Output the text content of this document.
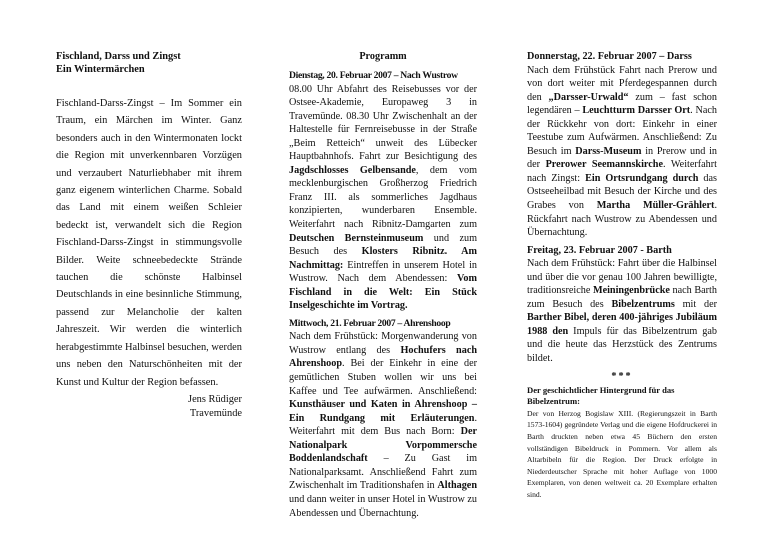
Fischland, Darss und Zingst
Ein Wintermärchen

Fischland-Darss-Zingst – Im Sommer ein Traum, ein Märchen im Winter. Ganz besonders auch in den Wintermonaten lockt die Region mit unverkennbaren Vorzügen und verzaubert Naturliebhaber mit ihrem ganz eigenem winterlichen Charme. Sobald das Land mit einem weißen Schleier bedeckt ist, verwandelt sich die Region Fischland-Darss-Zingst in stimmungsvolle Bilder. Weite schneebedeckte Strände tauchen die schönste Halbinsel Deutschlands in eine besinnliche Stimmung, passend zur Melancholie der kalten Jahreszeit. Wir werden die winterlich herabgestimmte Halbinsel besuchen, werden uns neben den Naturschönheiten mit der Kunst und Kultur der Region befassen.

Jens Rüdiger
Travemünde
Programm
Dienstag, 20. Februar 2007 – Nach Wustrow

08.00 Uhr Abfahrt des Reisebusses vor der Ostsee-Akademie, Europaweg 3 in Travemünde. 08.30 Uhr Zwischenhalt an der Haltestelle für Fernreisebusse in der Straße „Beim Retteich“ unweit des Lübecker Hauptbahnhofs. Fahrt zur Besichtigung des Jagdschlosses Gelbensande, dem vom mecklenburgischen Großherzog Friedrich Franz III. als sommerliches Jagdhaus konzipierten, wunderbaren Ensemble. Weiterfahrt nach Ribnitz-Damgarten zum Deutschen Bernsteinmuseum und zum Besuch des Klosters Ribnitz. Am Nachmittag: Eintreffen in unserem Hotel in Wustrow. Nach dem Abendessen: Vom Fischland in die Welt: Ein Stück Inselgeschichte im Vortrag.

Mittwoch, 21. Februar 2007 – Ahrenshoop

Nach dem Frühstück: Morgenwanderung von Wustrow entlang des Hochufers nach Ahrenshoop. Bei der Einkehr in eine der gemütlichen Stuben wollen wir uns bei Kaffee und Tee aufwärmen. Anschließend: Kunsthäuser und Katen in Ahrenshoop – Ein Rundgang mit Erläuterungen. Weiterfahrt mit dem Bus nach Born: Der Nationalpark Vorpommersche Boddenlandschaft – Zu Gast im Nationalparksamt. Anschließend Fahrt zum Zwischenhalt im Traditionshafen in Althagen und dann weiter in unser Hotel in Wustrow zu Abendessen und Übernachtung.

Donnerstag, 22. Februar 2007 – Darss

Nach dem Frühstück Fahrt nach Prerow und von dort weiter mit Pferdegespannen durch den „Darsser-Urwald“ zum – fast schon legendären – Leuchtturm Darsser Ort. Nach der Rückkehr von dort: Einkehr in einer Teestube zum Aufwärmen. Anschließend: Zu Besuch im Darss-Museum in Prerow und in der Prerower Seemannskirche. Weiterfahrt nach Zingst: Ein Ortsrundgang durch das Ostseeheilbad mit Besuch der Kirche und des Grabes von Martha Müller-Grählert. Rückfahrt nach Wustrow zu Abendessen und Übernachtung.

Freitag, 23. Februar 2007 - Barth

Nach dem Frühstück: Fahrt über die Halbinsel und über die vor genau 100 Jahren bewilligte, traditionsreiche Meiningenbrücke nach Barth zum Besuch des Bibelzentrums mit der Barther Bibel, deren 400-jähriges Jubiläum 1988 den Impuls für das Bibelzentrum gab und die heute das Herzstück des Zentrums bildet.

***
Der geschichtlicher Hintergrund für das Bibelzentrum:

Der von Herzog Bogislaw XIII. (Regierungszeit in Barth 1573-1604) gegründete Verlag und die eigene Hofdruckerei in Barth druckten neben etwa 45 Büchern den ersten vollständigen Bibeldruck in Pommern. Vor allem als Altarbibeln für die Region. Der Druck erfolgte in Niederdeutscher Sprache mit hoher Auflage von 1000 Exemplaren, von denen weltweit ca. 20 Exemplare erhalten sind.
